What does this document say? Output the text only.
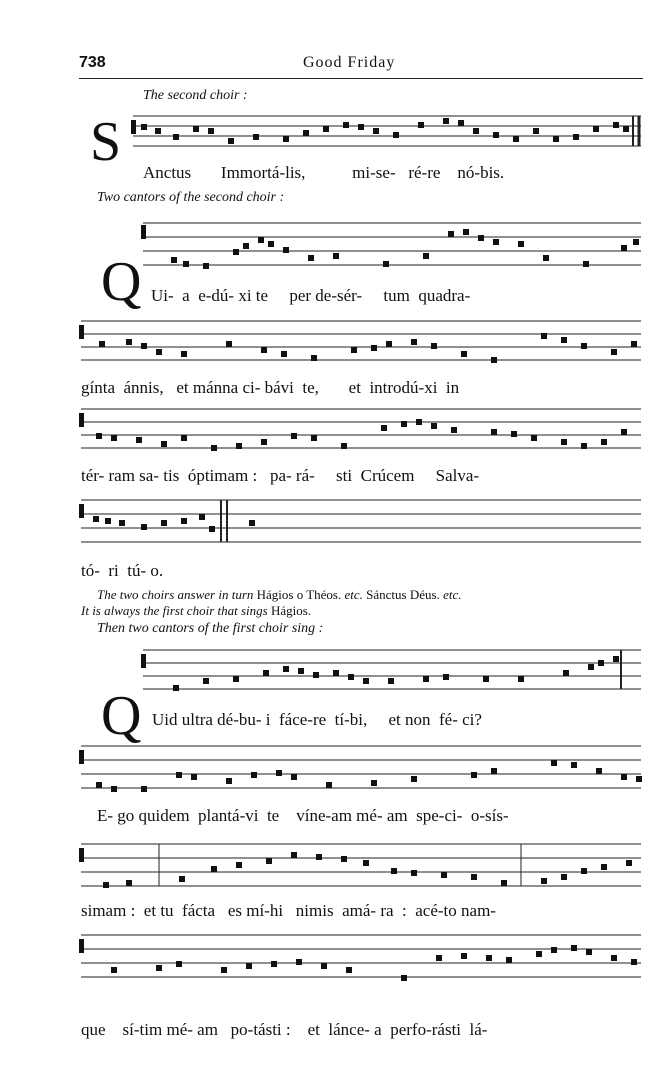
738	Good Friday
The second choir :
S Anctus       Immortá-lis,           mi-se-   ré-re    nó-bis.
Two cantors of the second choir :
Q Ui-  a  e-dú- xi te     per de-sér-     tum  quadra-
gínta  ánnis,   et mánna ci- bávi  te,       et  introdú-xi  in
tér- ram sa- tis  óptimam :   pa- rá-     sti  Crúcem     Salva-
tó-  ri  tú- o.
The two choirs answer in turn Hágios o Théos. etc. Sánctus Déus. etc.
It is always the first choir that sings Hágios.
Then two cantors of the first choir sing :
Q Uid ultra dé-bu- i  fáce-re  tí-bi,     et non  fé- ci?
E- go quidem  plantá-vi  te    víne-am mé- am  spe-ci-  o-sís-
simam :  et tu  fácta   es mí-hi   nimis  amá- ra  :  acé-to nam-
que    sí-tim mé- am   po-tásti :    et  lánce- a  perfo-rásti  lá-
